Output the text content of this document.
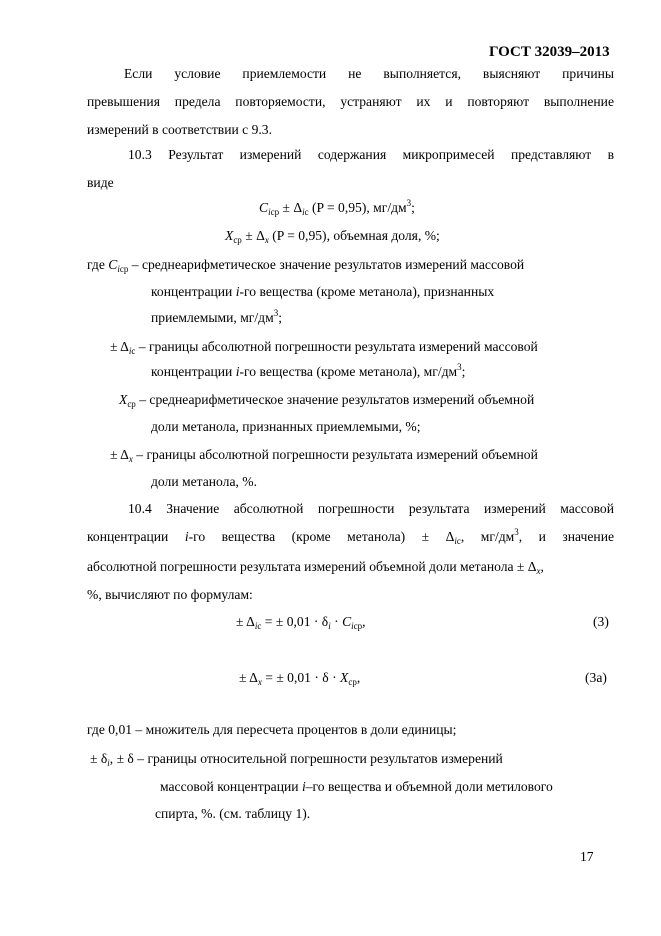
ГОСТ 32039–2013
Если условие приемлемости не выполняется, выясняют причины
превышения предела повторяемости, устраняют их и повторяют выполнение
измерений в соответствии с 9.3.
10.3 Результат измерений содержания микропримесей представляют в
виде
$C_{iср} \pm \Delta_{ic}$ (P = 0,95), $мг/дм^3$;
$X_{ср} \pm \Delta_x$ (P = 0,95), объемная доля, %;
где $C_{iср}$ – среднеарифметическое значение результатов измерений массовой
концентрации i-го вещества (кроме метанола), признанных
приемлемыми, $мг/дм^3$;
± $\Delta_{ic}$ – границы абсолютной погрешности результата измерений массовой
концентрации i-го вещества (кроме метанола), $мг/дм^3$;
$X_{ср}$ – среднеарифметическое значение результатов измерений объемной
доли метанола, признанных приемлемыми, %;
± $\Delta_x$ – границы абсолютной погрешности результата измерений объемной
доли метанола, %.
10.4 Значение абсолютной погрешности результата измерений массовой
концентрации i-го вещества (кроме метанола) ± $\Delta_{ic}$, $мг/дм^3$, и значение
абсолютной погрешности результата измерений объемной доли метанола ± $\Delta_x$,
%, вычисляют по формулам:
± $\Delta_{ic}$ = ± $0,01 \cdot \delta_i \cdot C_{iср}$,	(3)
± $\Delta_x$ = ± $0,01 \cdot \delta \cdot X_{ср}$,	(3а)
где 0,01 – множитель для пересчета процентов в доли единицы;
± $\delta_i$, ± δ – границы относительной погрешности результатов измерений
массовой концентрации i–го вещества и объемной доли метилового
спирта, %. (см. таблицу 1).
17
